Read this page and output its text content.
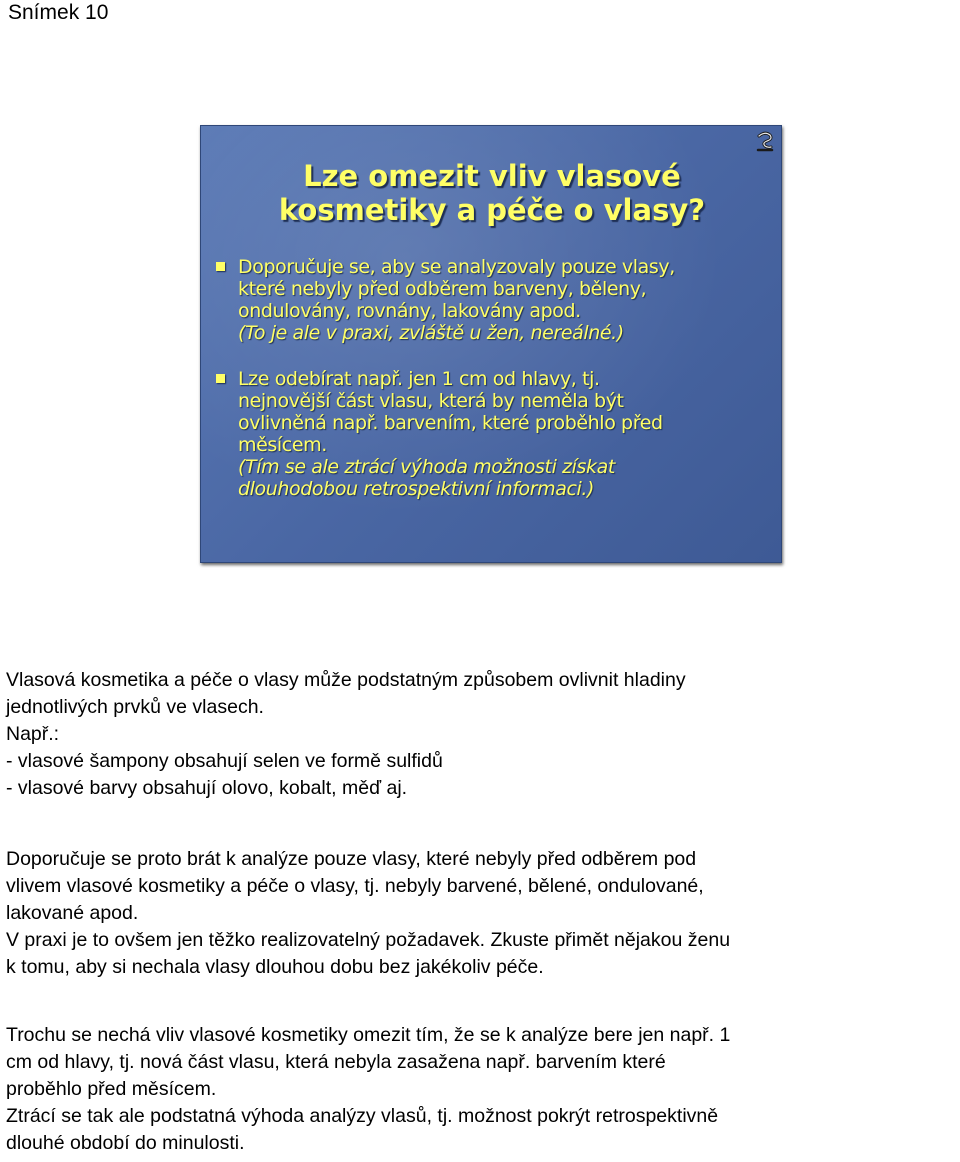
Snímek 10
Lze omezit vliv vlasové
kosmetiky a péče o vlasy?
Doporučuje se, aby se analyzovaly pouze vlasy,
které nebyly před odběrem barveny, běleny,
ondulovány, rovnány, lakovány apod.
(To je ale v praxi, zvláště u žen, nereálné.)
Lze odebírat např. jen 1 cm od hlavy, tj.
nejnovější část vlasu, která by neměla být
ovlivněná např. barvením, které proběhlo před
měsícem.
(Tím se ale ztrácí výhoda možnosti získat
dlouhodobou retrospektivní informaci.)
Vlasová kosmetika a péče o vlasy může podstatným způsobem ovlivnit hladiny
jednotlivých prvků ve vlasech.
Např.:
- vlasové šampony obsahují selen ve formě sulfidů
- vlasové barvy obsahují olovo, kobalt, měď aj.
Doporučuje se proto brát k analýze pouze vlasy, které nebyly před odběrem pod
vlivem vlasové kosmetiky a péče o vlasy, tj. nebyly barvené, bělené, ondulované,
lakované apod.
V praxi je to ovšem jen těžko realizovatelný požadavek. Zkuste přimět nějakou ženu
k tomu, aby si nechala vlasy dlouhou dobu bez jakékoliv péče.
Trochu se nechá vliv vlasové kosmetiky omezit tím, že se k analýze bere jen např. 1
cm od hlavy, tj. nová část vlasu, která nebyla zasažena např. barvením které
proběhlo před měsícem.
Ztrácí se tak ale podstatná výhoda analýzy vlasů, tj. možnost pokrýt retrospektivně
dlouhé období do minulosti.
